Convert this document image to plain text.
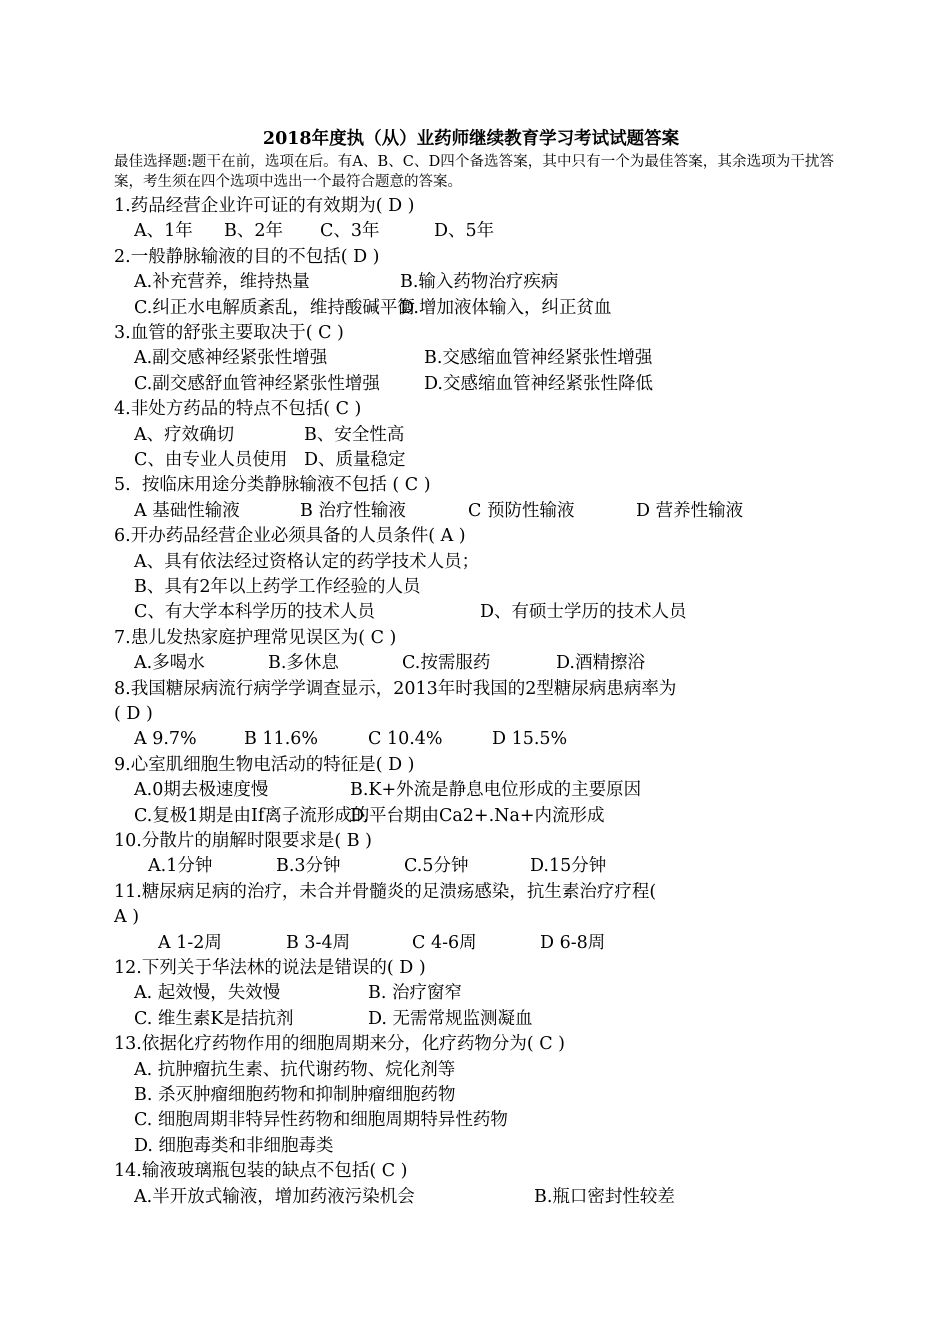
2018年度执（从）业药师继续教育学习考试试题答案
最佳选择题:题干在前，选项在后。有A、B、C、D四个备选答案，其中只有一个为最佳答案，其余选项为干扰答案，考生须在四个选项中选出一个最符合题意的答案。
1.药品经营企业许可证的有效期为( D )
A、1年 B、2年 C、3年	D、5年
2.一般静脉输液的目的不包括( D )
A.补充营养，维持热量	B.输入药物治疗疾病
C.纠正水电解质紊乱，维持酸碱平衡
D.增加液体输入，纠正贫血
3.血管的舒张主要取决于( C )
A.副交感神经紧张性增强	B.交感缩血管神经紧张性增强
C.副交感舒血管神经紧张性增强	D.交感缩血管神经紧张性降低
4.非处方药品的特点不包括( C )
A、疗效确切	B、安全性高
C、由专业人员使用 D、质量稳定
5.  按临床用途分类静脉输液不包括 ( C )
A 基础性输液	B 治疗性输液	C 预防性输液	D 营养性输液
6.开办药品经营企业必须具备的人员条件( A )
A、具有依法经过资格认定的药学技术人员；
B、具有2年以上药学工作经验的人员
C、有大学本科学历的技术人员	D、有硕士学历的技术人员
7.患儿发热家庭护理常见误区为( C )
A.多喝水	B.多休息	C.按需服药	D.酒精擦浴
8.我国糖尿病流行病学学调查显示，2013年时我国的2型糖尿病患病率为
( D )
A 9.7%	B 11.6%	C 10.4%	D 15.5%
9.心室肌细胞生物电活动的特征是( D )
A.0期去极速度慢	B.K+外流是静息电位形成的主要原因
C.复极1期是由If离子流形成的
D.平台期由Ca2+.Na+内流形成
10.分散片的崩解时限要求是( B )
A.1分钟	B.3分钟	C.5分钟	D.15分钟
11.糖尿病足病的治疗，未合并骨髓炎的足溃疡感染，抗生素治疗疗程(
A )
A 1-2周	B 3-4周	C 4-6周	D 6-8周
12.下列关于华法林的说法是错误的( D )
A. 起效慢，失效慢	B. 治疗窗窄
C. 维生素K是拮抗剂	D. 无需常规监测凝血
13.依据化疗药物作用的细胞周期来分，化疗药物分为( C )
A. 抗肿瘤抗生素、抗代谢药物、烷化剂等
B. 杀灭肿瘤细胞药物和抑制肿瘤细胞药物
C. 细胞周期非特异性药物和细胞周期特异性药物
D. 细胞毒类和非细胞毒类
14.输液玻璃瓶包装的缺点不包括( C )
A.半开放式输液，增加药液污染机会	B.瓶口密封性较差
